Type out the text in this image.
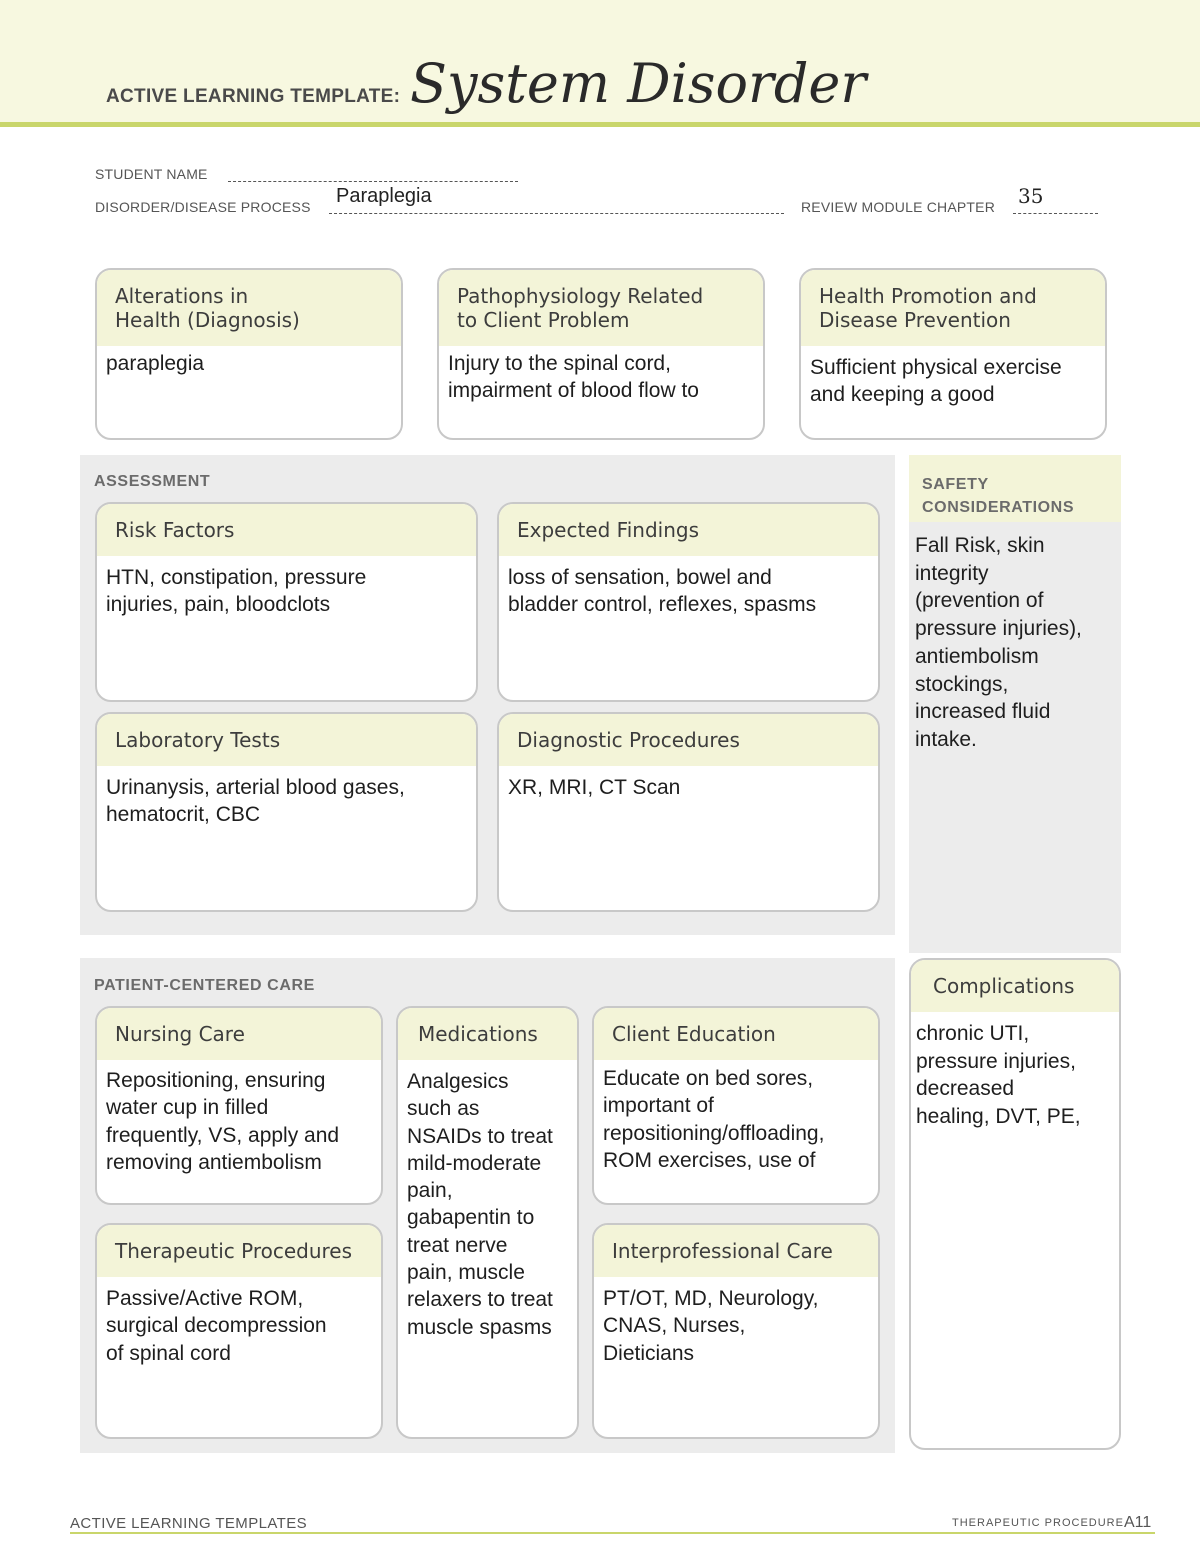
ACTIVE LEARNING TEMPLATE: System Disorder
STUDENT NAME
DISORDER/DISEASE PROCESS Paraplegia	REVIEW MODULE CHAPTER 35
Alterations in
Health (Diagnosis)
paraplegia
Pathophysiology Related
to Client Problem
Injury to the spinal cord,
impairment of blood flow to
Health Promotion and
Disease Prevention
Sufficient physical exercise
and keeping a good
ASSESSMENT
Risk Factors
HTN, constipation, pressure
injuries, pain, bloodclots
Expected Findings
loss of sensation, bowel and
bladder control, reflexes, spasms
Laboratory Tests
Urinanysis, arterial blood gases,
hematocrit, CBC
Diagnostic Procedures
XR, MRI, CT Scan
SAFETY
CONSIDERATIONS
Fall Risk, skin
integrity
(prevention of
pressure injuries),
antiembolism
stockings,
increased fluid
intake.
PATIENT-CENTERED CARE
Nursing Care
Repositioning, ensuring
water cup in filled
frequently, VS, apply and
removing antiembolism
Medications
Analgesics
such as
NSAIDs to treat
mild-moderate
pain,
gabapentin to
treat nerve
pain, muscle
relaxers to treat
muscle spasms
Client Education
Educate on bed sores,
important of
repositioning/offloading,
ROM exercises, use of
Therapeutic Procedures
Passive/Active ROM,
surgical decompression
of spinal cord
Interprofessional Care
PT/OT, MD, Neurology,
CNAS, Nurses,
Dieticians
Complications
chronic UTI,
pressure injuries,
decreased
healing, DVT, PE,
ACTIVE LEARNING TEMPLATES	THERAPEUTIC PROCEDURE A11
